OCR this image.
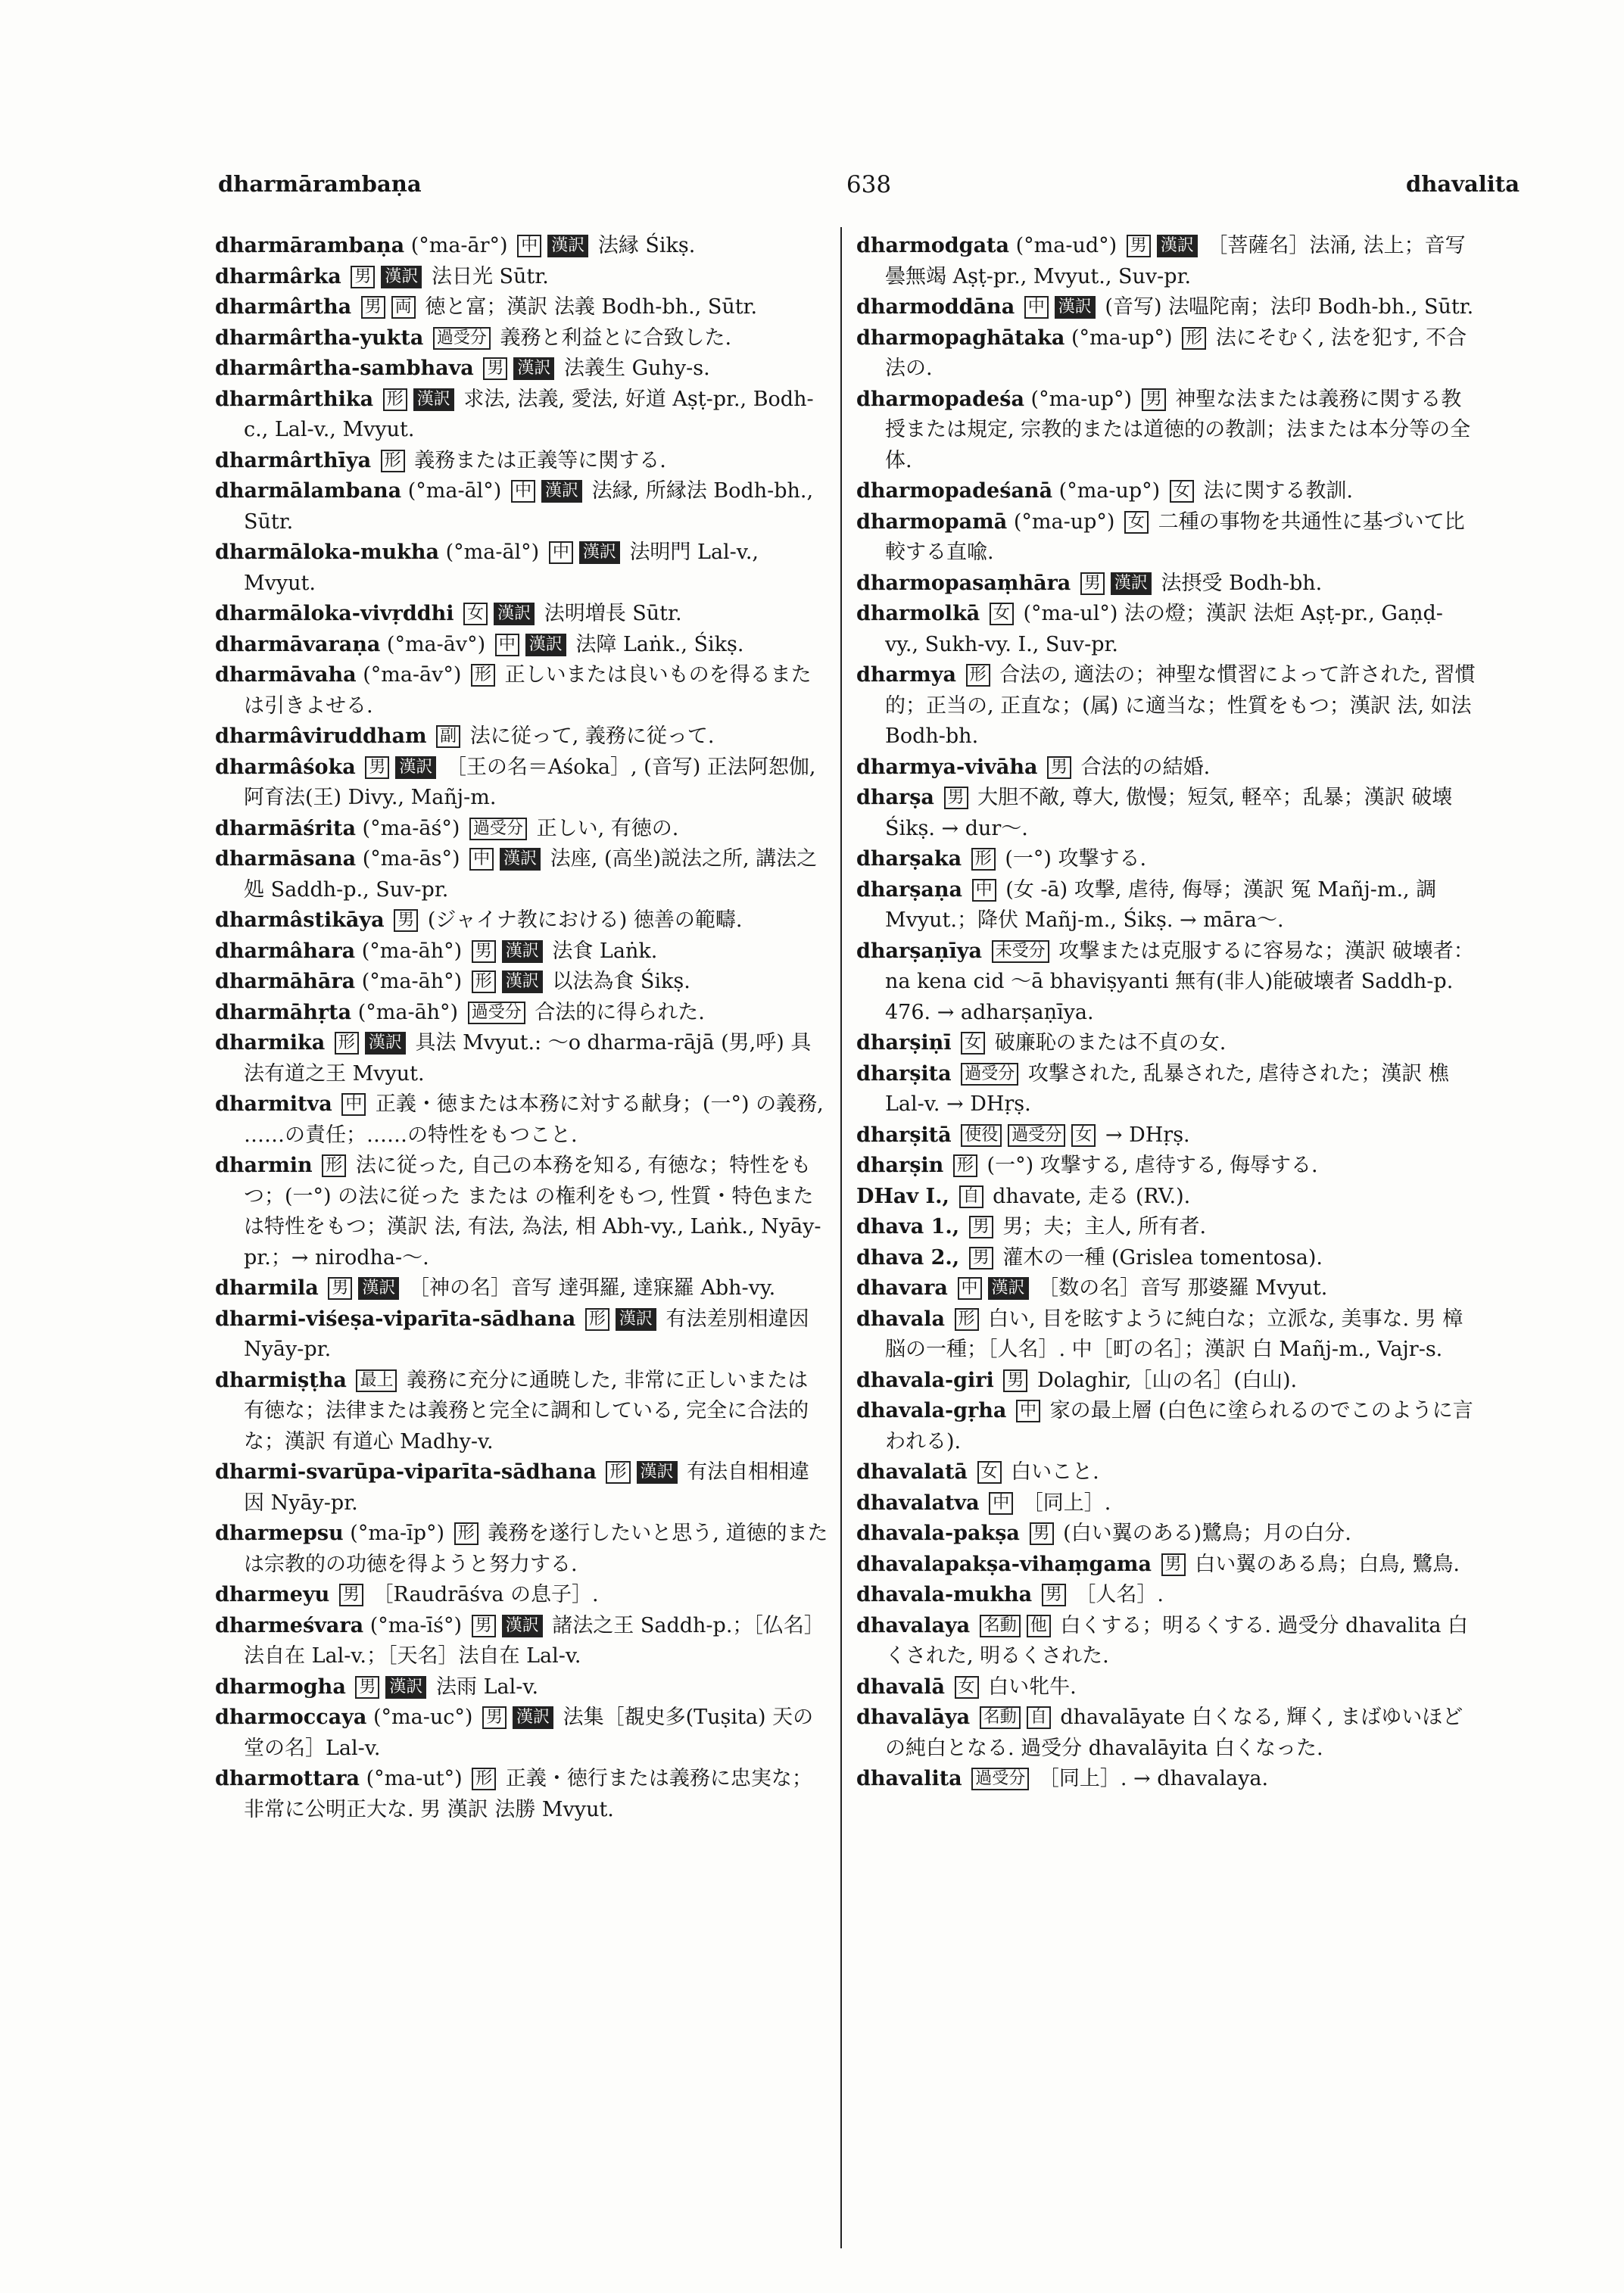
dharmārambaṇa	638	dhavalita

dharmārambaṇa (°ma-ār°) 中 漢訳 法縁 Śikṣ.

dharmârka 男 漢訳 法日光 Sūtr.

dharmârtha 男 両 徳と富；漢訳 法義 Bodh-bh., Sūtr.

dharmârtha-yukta 過受分 義務と利益とに合致した.

dharmârtha-sambhava 男 漢訳 法義生 Guhy-s.

dharmârthika 形 漢訳 求法, 法義, 愛法, 好道 Aṣṭ-pr., Bodh-c., Lal-v., Mvyut.

dharmârthīya 形 義務または正義等に関する.

dharmālambana (°ma-āl°) 中 漢訳 法縁, 所縁法 Bodh-bh., Sūtr.

dharmāloka-mukha (°ma-āl°) 中 漢訳 法明門 Lal-v., Mvyut.

dharmāloka-vivṛddhi 女 漢訳 法明増長 Sūtr.

dharmāvaraṇa (°ma-āv°) 中 漢訳 法障 Laṅk., Śikṣ.

dharmāvaha (°ma-āv°) 形 正しいまたは良いものを得るまたは引きよせる.

dharmâviruddham 副 法に従って, 義務に従って.

dharmâśoka 男 漢訳 ［王の名＝Aśoka］, (音写) 正法阿恕伽, 阿育法(王) Divy., Mañj-m.

dharmāśrita (°ma-āś°) 過受分 正しい, 有徳の.

dharmāsana (°ma-ās°) 中 漢訳 法座, (高坐)説法之所, 講法之処 Saddh-p., Suv-pr.

dharmâstikāya 男 (ジャイナ教における) 徳善の範疇.

dharmâhara (°ma-āh°) 男 漢訳 法食 Laṅk.

dharmāhāra (°ma-āh°) 形 漢訳 以法為食 Śikṣ.

dharmāhṛta (°ma-āh°) 過受分 合法的に得られた.

dharmika 形 漢訳 具法 Mvyut.: ～o dharma-rājā (男,呼) 具法有道之王 Mvyut.

dharmitva 中 正義・徳または本務に対する献身；(一°) の義務, ……の責任；……の特性をもつこと.

dharmin 形 法に従った, 自己の本務を知る, 有徳な；特性をもつ；(一°) の法に従った または の権利をもつ, 性質・特色または特性をもつ；漢訳 法, 有法, 為法, 相 Abh-vy., Laṅk., Nyāy-pr.；→ nirodha-～.

dharmila 男 漢訳 ［神の名］音写 達弭羅, 達寐羅 Abh-vy.

dharmi-viśeṣa-viparīta-sādhana 形 漢訳 有法差別相違因 Nyāy-pr.

dharmiṣṭha 最上 義務に充分に通暁した, 非常に正しいまたは有徳な；法律または義務と完全に調和している, 完全に合法的な；漢訳 有道心 Madhy-v.

dharmi-svarūpa-viparīta-sādhana 形 漢訳 有法自相相違因 Nyāy-pr.

dharmepsu (°ma-īp°) 形 義務を遂行したいと思う, 道徳的または宗教的の功徳を得ようと努力する.

dharmeyu 男 ［Raudrāśva の息子］.

dharmeśvara (°ma-īś°) 男 漢訳 諸法之王 Saddh-p.；［仏名］法自在 Lal-v.；［天名］法自在 Lal-v.

dharmogha 男 漢訳 法雨 Lal-v.

dharmoccaya (°ma-uc°) 男 漢訳 法集［覩史多(Tuṣita) 天の堂の名］Lal-v.

dharmottara (°ma-ut°) 形 正義・徳行または義務に忠実な；非常に公明正大な. 男 漢訳 法勝 Mvyut.

dharmodgata (°ma-ud°) 男 漢訳 ［菩薩名］法涌, 法上；音写 曇無竭 Aṣṭ-pr., Mvyut., Suv-pr.

dharmoddāna 中 漢訳 (音写) 法嗢陀南；法印 Bodh-bh., Sūtr.

dharmopaghātaka (°ma-up°) 形 法にそむく, 法を犯す, 不合法の.

dharmopadeśa (°ma-up°) 男 神聖な法または義務に関する教授または規定, 宗教的または道徳的の教訓；法または本分等の全体.

dharmopadeśanā (°ma-up°) 女 法に関する教訓.

dharmopamā (°ma-up°) 女 二種の事物を共通性に基づいて比較する直喩.

dharmopasaṃhāra 男 漢訳 法摂受 Bodh-bh.

dharmolkā 女 (°ma-ul°) 法の燈；漢訳 法炬 Aṣṭ-pr., Gaṇḍ-vy., Sukh-vy. I., Suv-pr.

dharmya 形 合法の, 適法の；神聖な慣習によって許された, 習慣的；正当の, 正直な；(属) に適当な；性質をもつ；漢訳 法, 如法 Bodh-bh.

dharmya-vivāha 男 合法的の結婚.

dharṣa 男 大胆不敵, 尊大, 傲慢；短気, 軽卒；乱暴；漢訳 破壊 Śikṣ. → dur～.

dharṣaka 形 (一°) 攻撃する.

dharṣaṇa 中 (女 -ā) 攻撃, 虐待, 侮辱；漢訳 冤 Mañj-m., 調 Mvyut.；降伏 Mañj-m., Śikṣ. → māra～.

dharṣaṇīya 未受分 攻撃または克服するに容易な；漢訳 破壊者：na kena cid ～ā bhaviṣyanti 無有(非人)能破壊者 Saddh-p. 476. → adharṣaṇīya.

dharṣiṇī 女 破廉恥のまたは不貞の女.

dharṣita 過受分 攻撃された, 乱暴された, 虐待された；漢訳 樵 Lal-v. → DHṛṣ.

dharṣitā 使役 過受分 女 → DHṛṣ.

dharṣin 形 (一°) 攻撃する, 虐待する, 侮辱する.

DHav I., 自 dhavate, 走る (RV.).

dhava 1., 男 男；夫；主人, 所有者.

dhava 2., 男 灌木の一種 (Grislea tomentosa).

dhavara 中 漢訳 ［数の名］音写 那婆羅 Mvyut.

dhavala 形 白い, 目を眩すように純白な；立派な, 美事な. 男 樟脳の一種；［人名］. 中［町の名］；漢訳 白 Mañj-m., Vajr-s.

dhavala-giri 男 Dolaghir,［山の名］(白山).

dhavala-gṛha 中 家の最上層 (白色に塗られるのでこのように言われる).

dhavalatā 女 白いこと.

dhavalatva 中 ［同上］.

dhavala-pakṣa 男 (白い翼のある)鷺鳥；月の白分.

dhavalapakṣa-vihaṃgama 男 白い翼のある鳥；白鳥, 鷺鳥.

dhavala-mukha 男 ［人名］.

dhavalaya 名動 他 白くする；明るくする. 過受分 dhavalita 白くされた, 明るくされた.

dhavalā 女 白い牝牛.

dhavalāya 名動 自 dhavalāyate 白くなる, 輝く, まばゆいほどの純白となる. 過受分 dhavalāyita 白くなった.

dhavalita 過受分 ［同上］. → dhavalaya.
